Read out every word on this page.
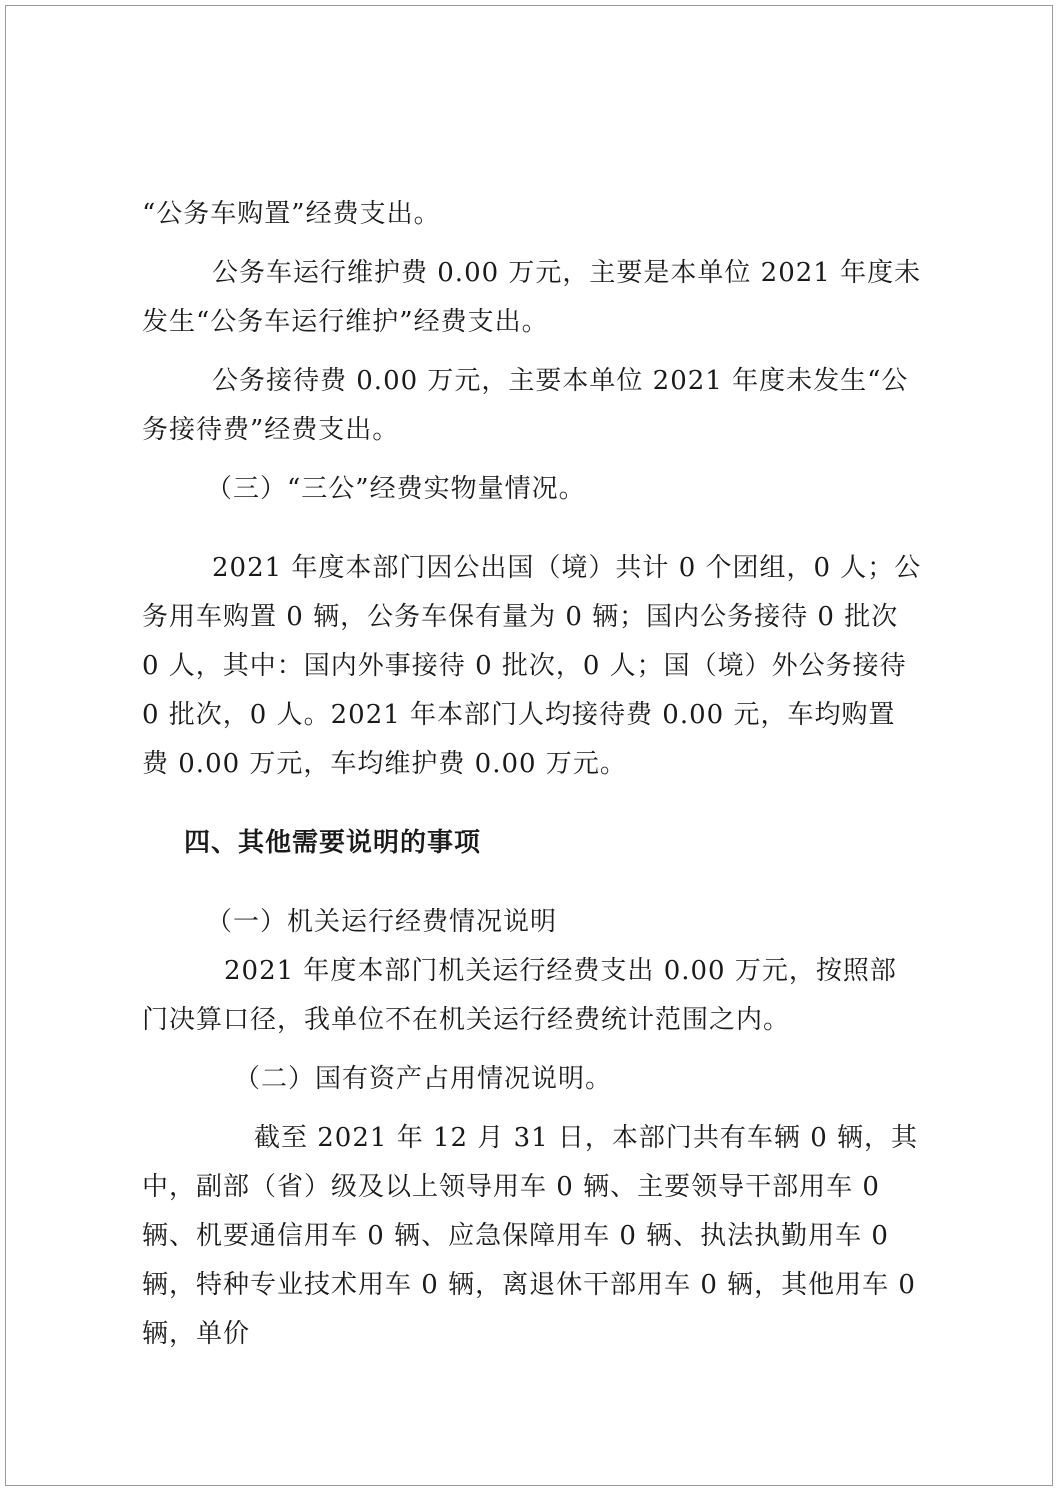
“公务车购置”经费支出。

公务车运行维护费 0.00 万元，主要是本单位 2021 年度未发生“公务车运行维护”经费支出。

公务接待费 0.00 万元，主要本单位 2021 年度未发生“公务接待费”经费支出。

（三）“三公”经费实物量情况。

2021 年度本部门因公出国（境）共计 0 个团组，0 人；公务用车购置 0 辆，公务车保有量为 0 辆；国内公务接待 0 批次 0 人，其中：国内外事接待 0 批次，0 人；国（境）外公务接待 0 批次，0 人。2021 年本部门人均接待费 0.00 元，车均购置费 0.00 万元，车均维护费 0.00 万元。

四、其他需要说明的事项

（一）机关运行经费情况说明

2021 年度本部门机关运行经费支出 0.00 万元，按照部门决算口径，我单位不在机关运行经费统计范围之内。

（二）国有资产占用情况说明。

截至 2021 年 12 月 31 日，本部门共有车辆 0 辆，其中，副部（省）级及以上领导用车 0 辆、主要领导干部用车 0 辆、机要通信用车 0 辆、应急保障用车 0 辆、执法执勤用车 0 辆，特种专业技术用车 0 辆，离退休干部用车 0 辆，其他用车 0 辆，单价
